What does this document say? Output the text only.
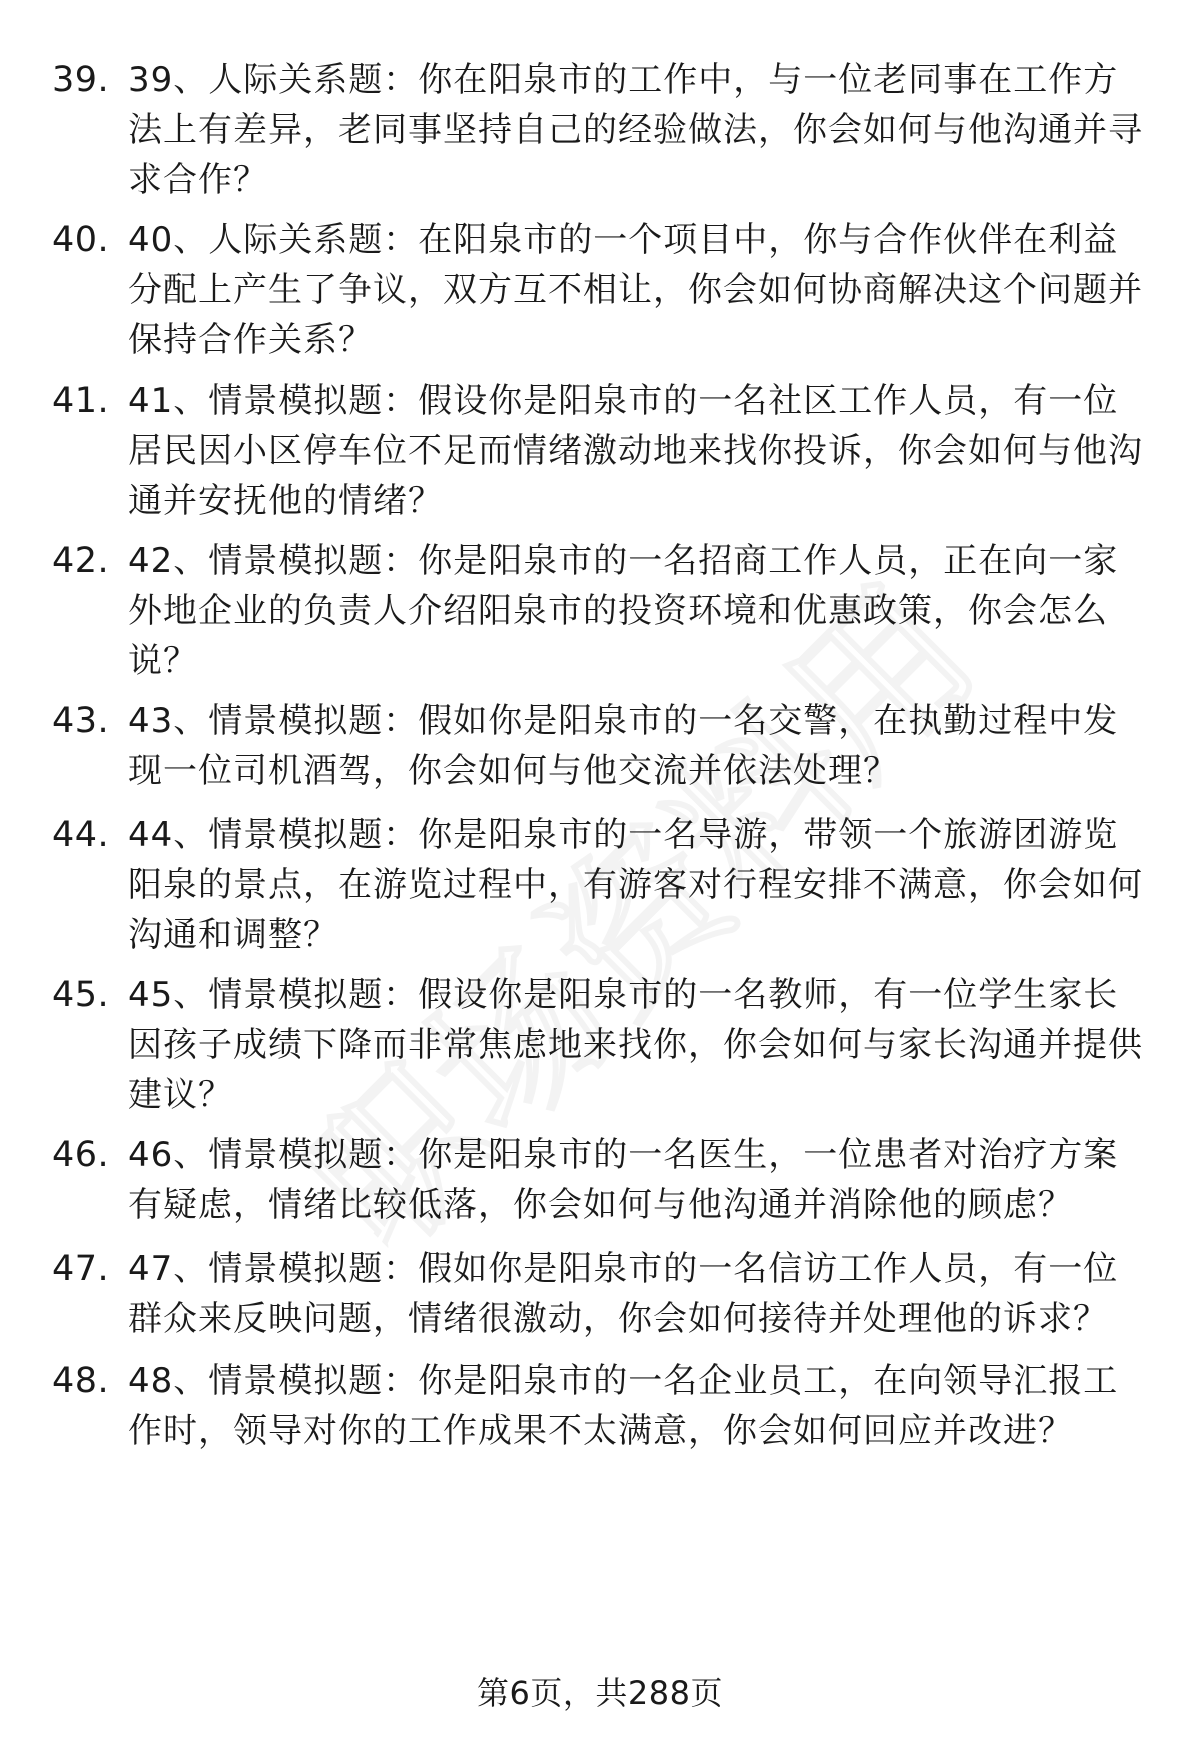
39. 39、人际关系题：你在阳泉市的工作中，与一位老同事在工作方法上有差异，老同事坚持自己的经验做法，你会如何与他沟通并寻求合作？
40. 40、人际关系题：在阳泉市的一个项目中，你与合作伙伴在利益分配上产生了争议，双方互不相让，你会如何协商解决这个问题并保持合作关系？
41. 41、情景模拟题：假设你是阳泉市的一名社区工作人员，有一位居民因小区停车位不足而情绪激动地来找你投诉，你会如何与他沟通并安抚他的情绪？
42. 42、情景模拟题：你是阳泉市的一名招商工作人员，正在向一家外地企业的负责人介绍阳泉市的投资环境和优惠政策，你会怎么说？
43. 43、情景模拟题：假如你是阳泉市的一名交警，在执勤过程中发现一位司机酒驾，你会如何与他交流并依法处理？
44. 44、情景模拟题：你是阳泉市的一名导游，带领一个旅游团游览阳泉的景点，在游览过程中，有游客对行程安排不满意，你会如何沟通和调整？
45. 45、情景模拟题：假设你是阳泉市的一名教师，有一位学生家长因孩子成绩下降而非常焦虑地来找你，你会如何与家长沟通并提供建议？
46. 46、情景模拟题：你是阳泉市的一名医生，一位患者对治疗方案有疑虑，情绪比较低落，你会如何与他沟通并消除他的顾虑？
47. 47、情景模拟题：假如你是阳泉市的一名信访工作人员，有一位群众来反映问题，情绪很激动，你会如何接待并处理他的诉求？
48. 48、情景模拟题：你是阳泉市的一名企业员工，在向领导汇报工作时，领导对你的工作成果不太满意，你会如何回应并改进？
第6页，共288页
